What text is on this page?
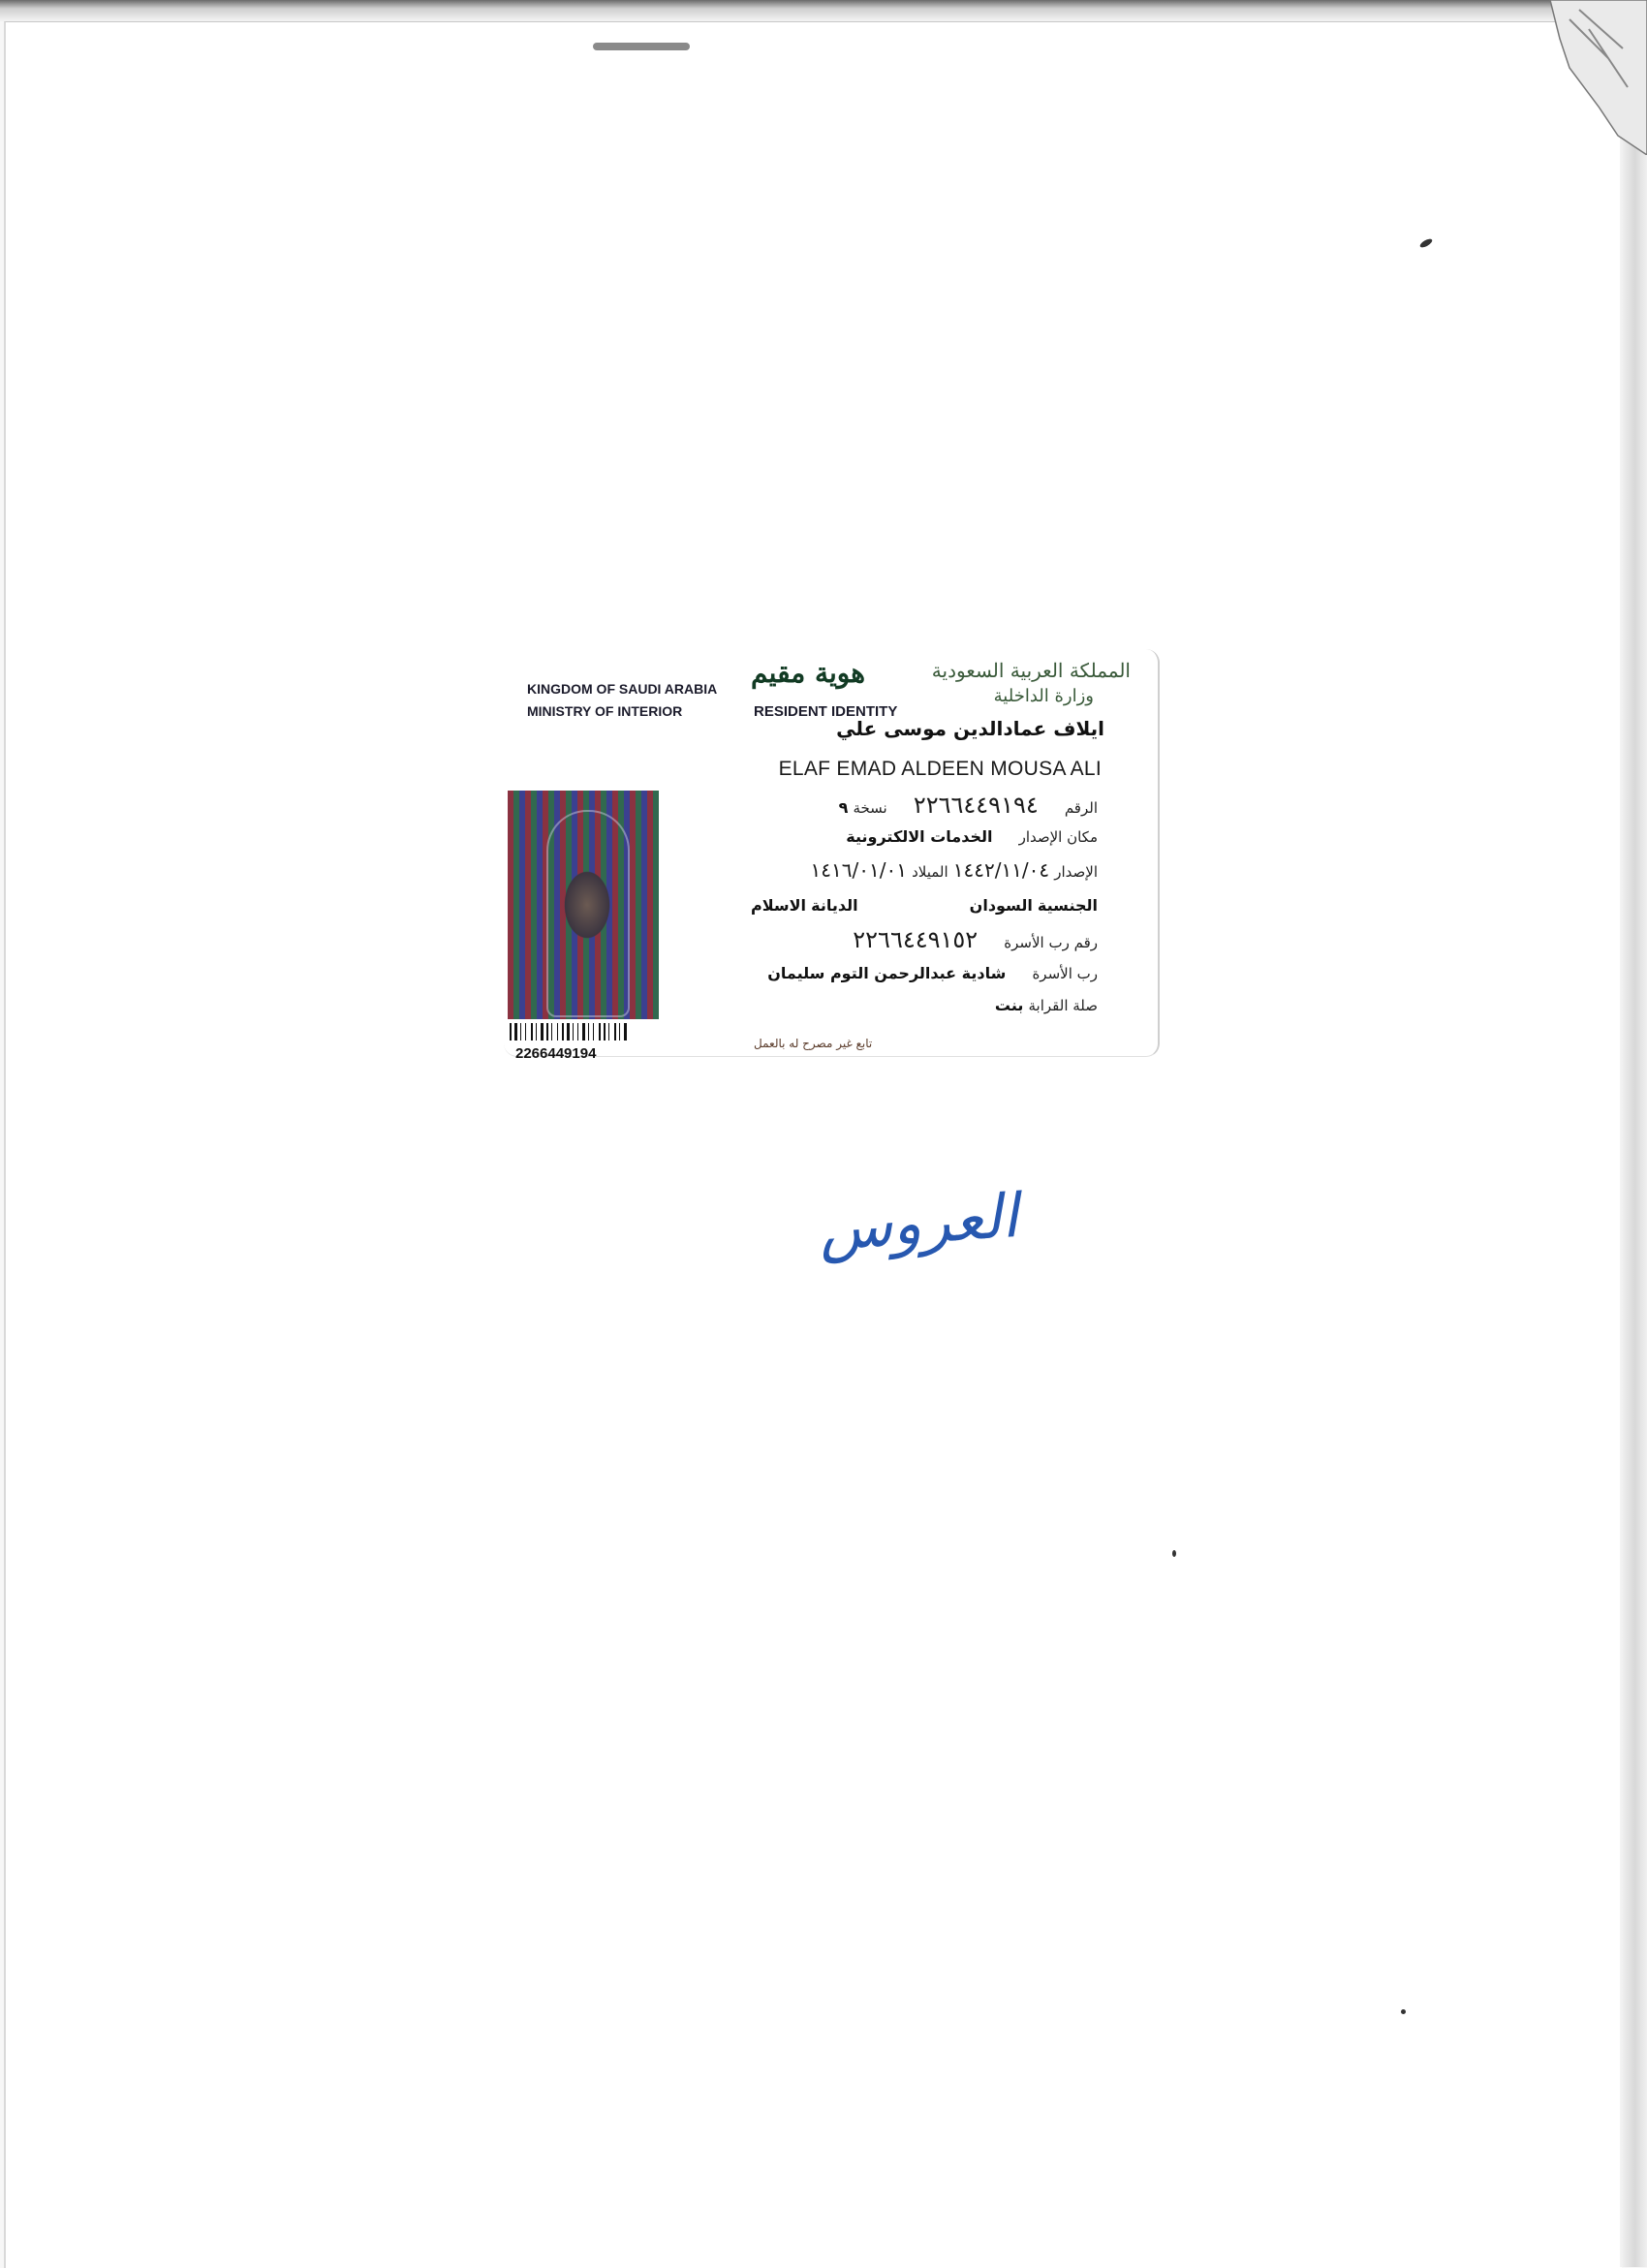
KINGDOM OF SAUDI ARABIA
MINISTRY OF INTERIOR
هوية مقيم
RESIDENT IDENTITY
المملكة العربية السعودية
وزارة الداخلية
ايلاف عمادالدين موسى علي
ELAF EMAD ALDEEN MOUSA ALI
الرقم ٢٢٦٦٤٤٩١٩٤ نسخة ٩
مكان الإصدار الخدمات الالكترونية
الإصدار ١٤٤٢/١١/٠٤ الميلاد ١٤١٦/٠١/٠١
الجنسية السودان الديانة الاسلام
رقم رب الأسرة ٢٢٦٦٤٤٩١٥٢
رب الأسرة شادية عبدالرحمن التوم سليمان
صلة القرابة بنت
2266449194
تابع غير مصرح له بالعمل
العروس
